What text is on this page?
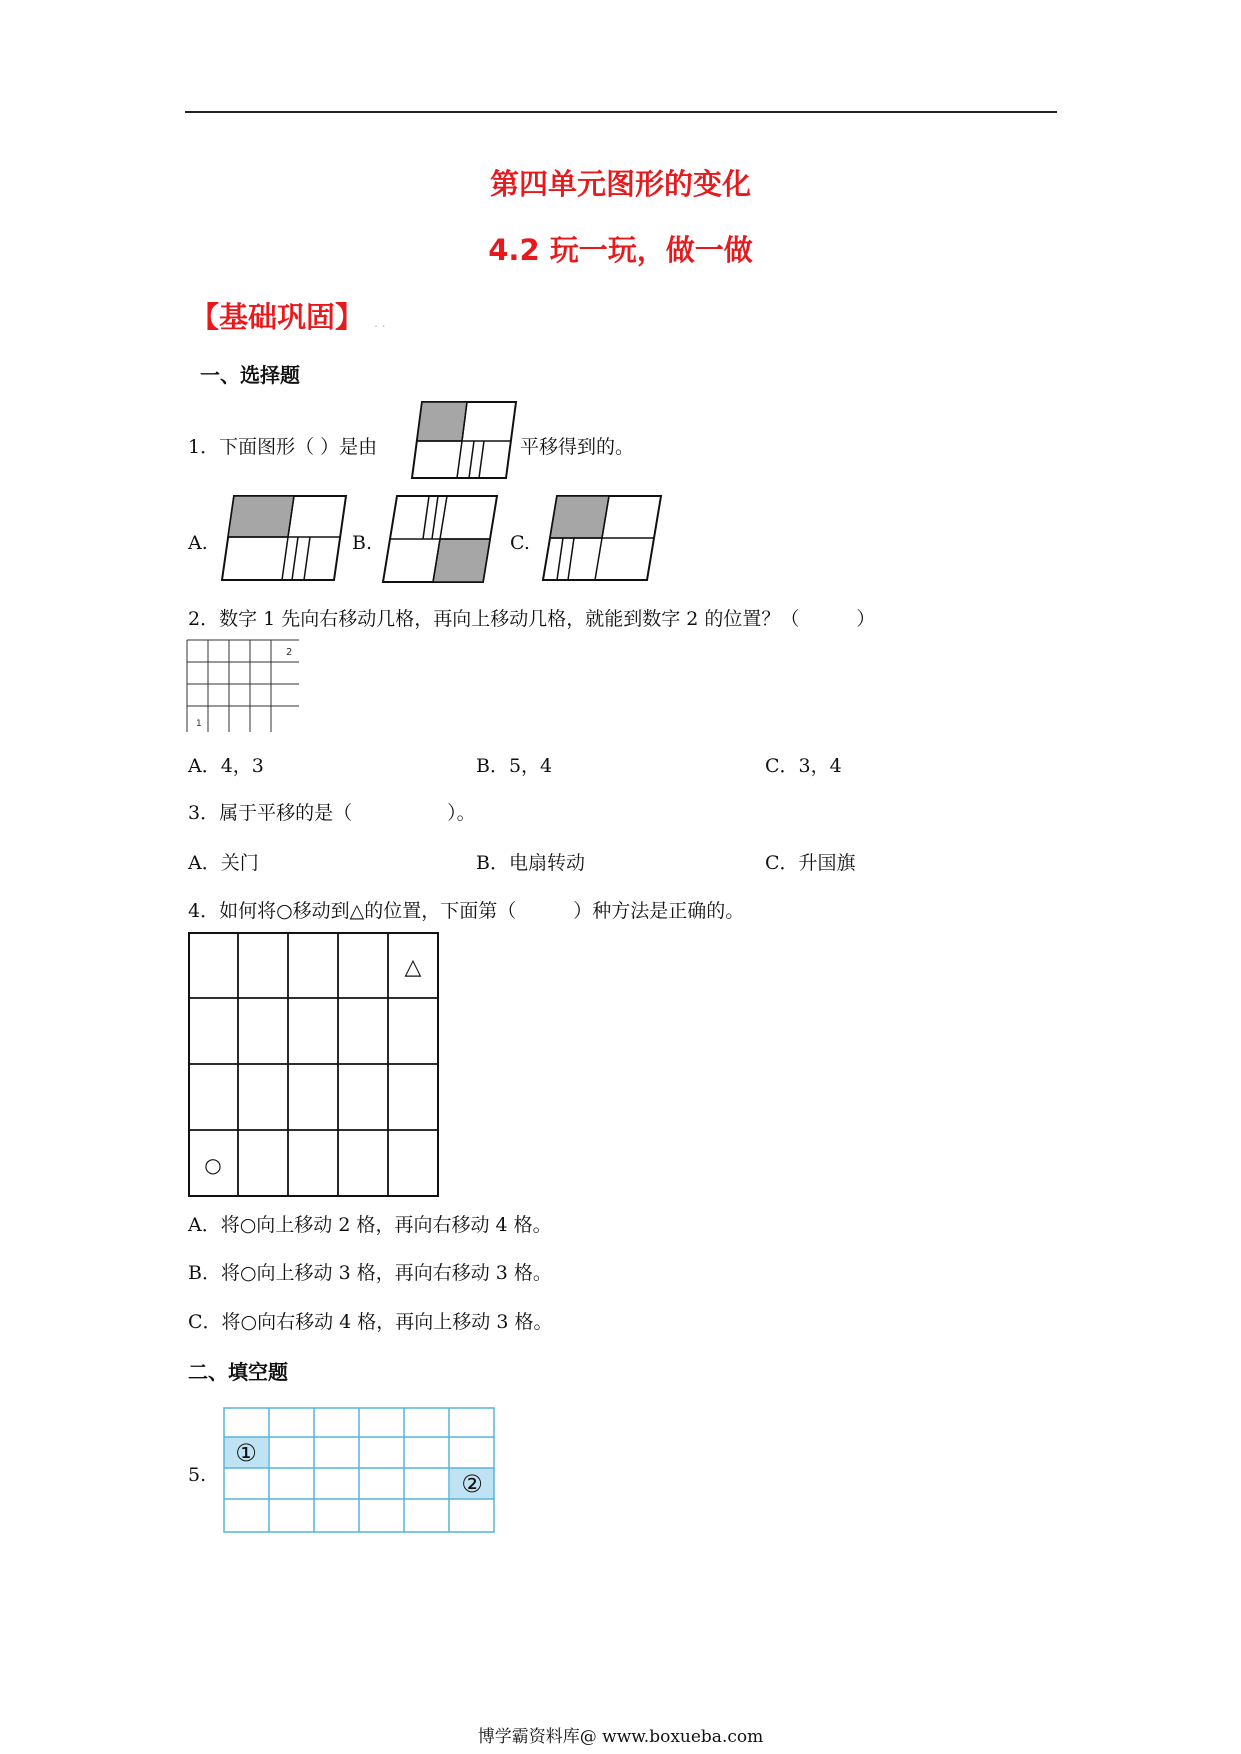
第四单元图形的变化
4.2 玩一玩，做一做
【基础巩固】 . .
一、选择题
1．下面图形（ ）是由	平移得到的。
A.	B.	C.
2．数字 1 先向右移动几格，再向上移动几格，就能到数字 2 的位置？（　　　）
2
1
A．4，3	B．5，4	C．3，4
3．属于平移的是（　　　　　）。
A．关门	B．电扇转动	C．升国旗
4．如何将○移动到△的位置，下面第（　　　）种方法是正确的。
△
○
A．将○向上移动 2 格，再向右移动 4 格。
B．将○向上移动 3 格，再向右移动 3 格。
C．将○向右移动 4 格，再向上移动 3 格。
二、填空题
5.
①
②
博学霸资料库@ www.boxueba.com
